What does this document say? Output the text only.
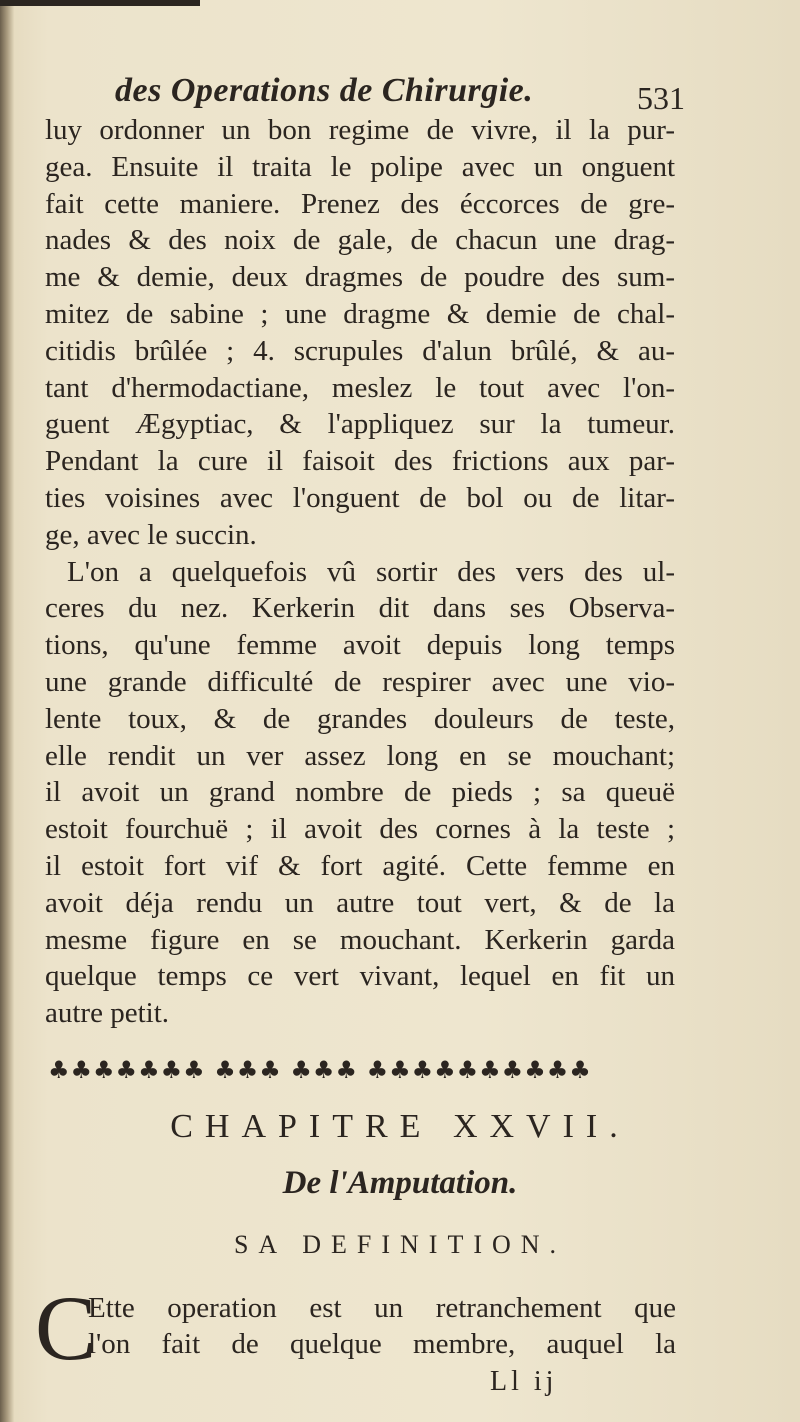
des Operations de Chirurgie.	531
luy ordonner un bon regime de vivre, il la pur-
gea. Ensuite il traita le polipe avec un onguent
fait cette maniere. Prenez des éccorces de gre-
nades & des noix de gale, de chacun une drag-
me & demie, deux dragmes de poudre des sum-
mitez de sabine ; une dragme & demie de chal-
citidis brûlée ; 4. scrupules d'alun brûlé, & au-
tant d'hermodactiane, meslez le tout avec l'on-
guent Ægyptiac, & l'appliquez sur la tumeur.
Pendant la cure il faisoit des frictions aux par-
ties voisines avec l'onguent de bol ou de litar-
ge, avec le succin.
L'on a quelquefois vû sortir des vers des ul-
ceres du nez. Kerkerin dit dans ses Observa-
tions, qu'une femme avoit depuis long temps
une grande difficulté de respirer avec une vio-
lente toux, & de grandes douleurs de teste,
elle rendit un ver assez long en se mouchant;
il avoit un grand nombre de pieds ; sa queuë
estoit fourchuë ; il avoit des cornes à la teste ;
il estoit fort vif & fort agité. Cette femme en
avoit déja rendu un autre tout vert, & de la
mesme figure en se mouchant. Kerkerin garda
quelque temps ce vert vivant, lequel en fit un
autre petit.
♣♣♣♣♣♣♣ ♣♣♣ ♣♣♣ ♣♣♣♣♣♣♣♣♣♣
CHAPITRE XXVII.
De l'Amputation.
SA DEFINITION.
C
Ette operation est un retranchement que
l'on fait de quelque membre, auquel la
Ll ij
